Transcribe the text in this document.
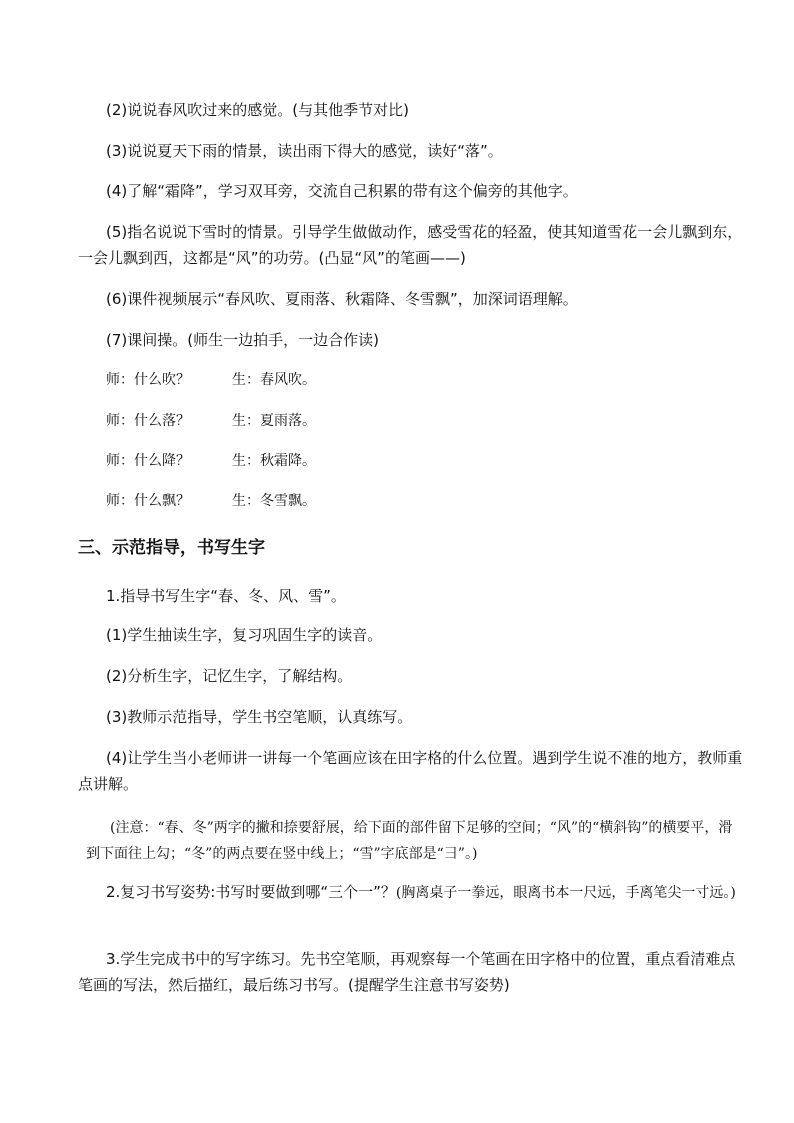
(2)说说春风吹过来的感觉。(与其他季节对比)
(3)说说夏天下雨的情景，读出雨下得大的感觉，读好“落”。
(4)了解“霜降”，学习双耳旁，交流自己积累的带有这个偏旁的其他字。
(5)指名说说下雪时的情景。引导学生做做动作，感受雪花的轻盈，使其知道雪花一会儿飘到东，一会儿飘到西，这都是“风”的功劳。(凸显“风”的笔画——)
(6)课件视频展示“春风吹、夏雨落、秋霜降、冬雪飘”，加深词语理解。
(7)课间操。(师生一边拍手，一边合作读)
师：什么吹？	生：春风吹。
师：什么落？	生：夏雨落。
师：什么降？	生：秋霜降。
师：什么飘？	生：冬雪飘。
三、示范指导，书写生字
1.指导书写生字“春、冬、风、雪”。
(1)学生抽读生字，复习巩固生字的读音。
(2)分析生字，记忆生字，了解结构。
(3)教师示范指导，学生书空笔顺，认真练写。
(4)让学生当小老师讲一讲每一个笔画应该在田字格的什么位置。遇到学生说不准的地方，教师重点讲解。
(注意：“春、冬”两字的撇和捺要舒展，给下面的部件留下足够的空间；“风”的“横斜钩”的横要平，滑到下面往上勾；“冬”的两点要在竖中线上；“雪”字底部是“彐”。)
2.复习书写姿势:书写时要做到哪“三个一”？(胸离桌子一拳远，眼离书本一尺远，手离笔尖一寸远。)
3.学生完成书中的写字练习。先书空笔顺，再观察每一个笔画在田字格中的位置，重点看清难点笔画的写法，然后描红，最后练习书写。(提醒学生注意书写姿势)
